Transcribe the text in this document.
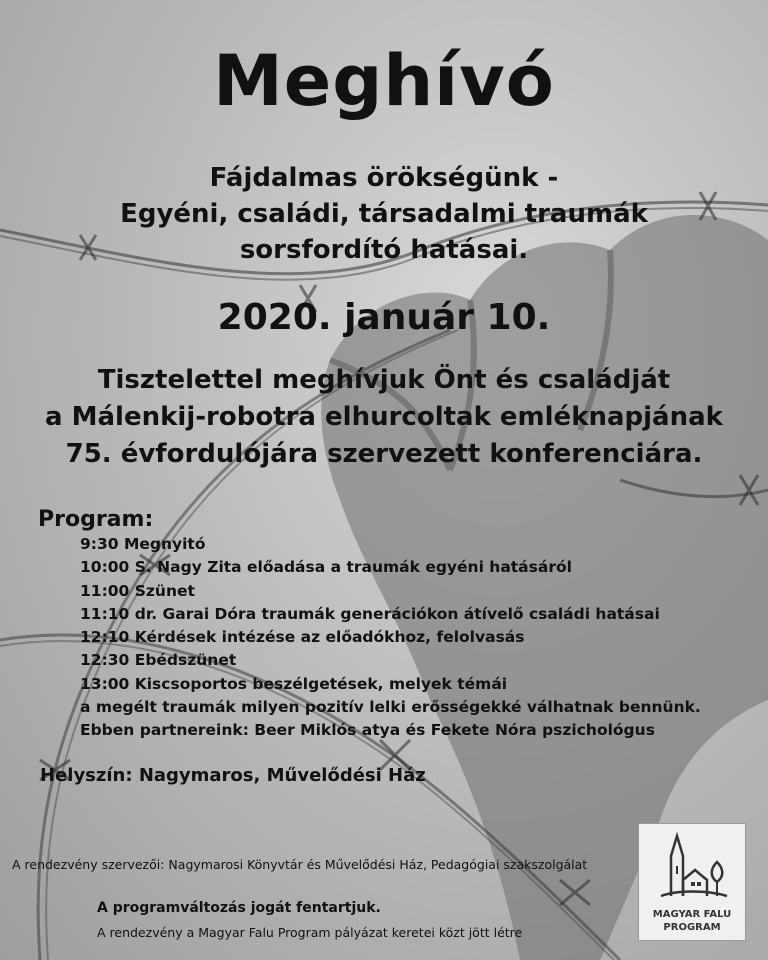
Meghívó
Fájdalmas örökségünk -
Egyéni, családi, társadalmi traumák
sorsfordító hatásai.
2020. január 10.
Tisztelettel meghívjuk Önt és családját
a Málenkij-robotra elhurcoltak emléknapjának
75. évfordulójára szervezett konferenciára.
Program:
9:30 Megnyitó
10:00 S. Nagy Zita előadása a traumák egyéni hatásáról
11:00 Szünet
11:10 dr. Garai Dóra traumák generációkon átívelő családi hatásai
12:10 Kérdések intézése az előadókhoz, felolvasás
12:30 Ebédszünet
13:00 Kiscsoportos beszélgetések, melyek témái
a megélt traumák milyen pozitív lelki erősségekké válhatnak bennünk.
Ebben partnereink: Beer Miklós atya és Fekete Nóra pszichológus
Helyszín: Nagymaros, Művelődési Ház
A rendezvény szervezői: Nagymarosi Könyvtár és Művelődési Ház, Pedagógiai szakszolgálat
A programváltozás jogát fentartjuk.
A rendezvény a Magyar Falu Program pályázat keretei közt jött létre
MAGYAR FALU
PROGRAM
